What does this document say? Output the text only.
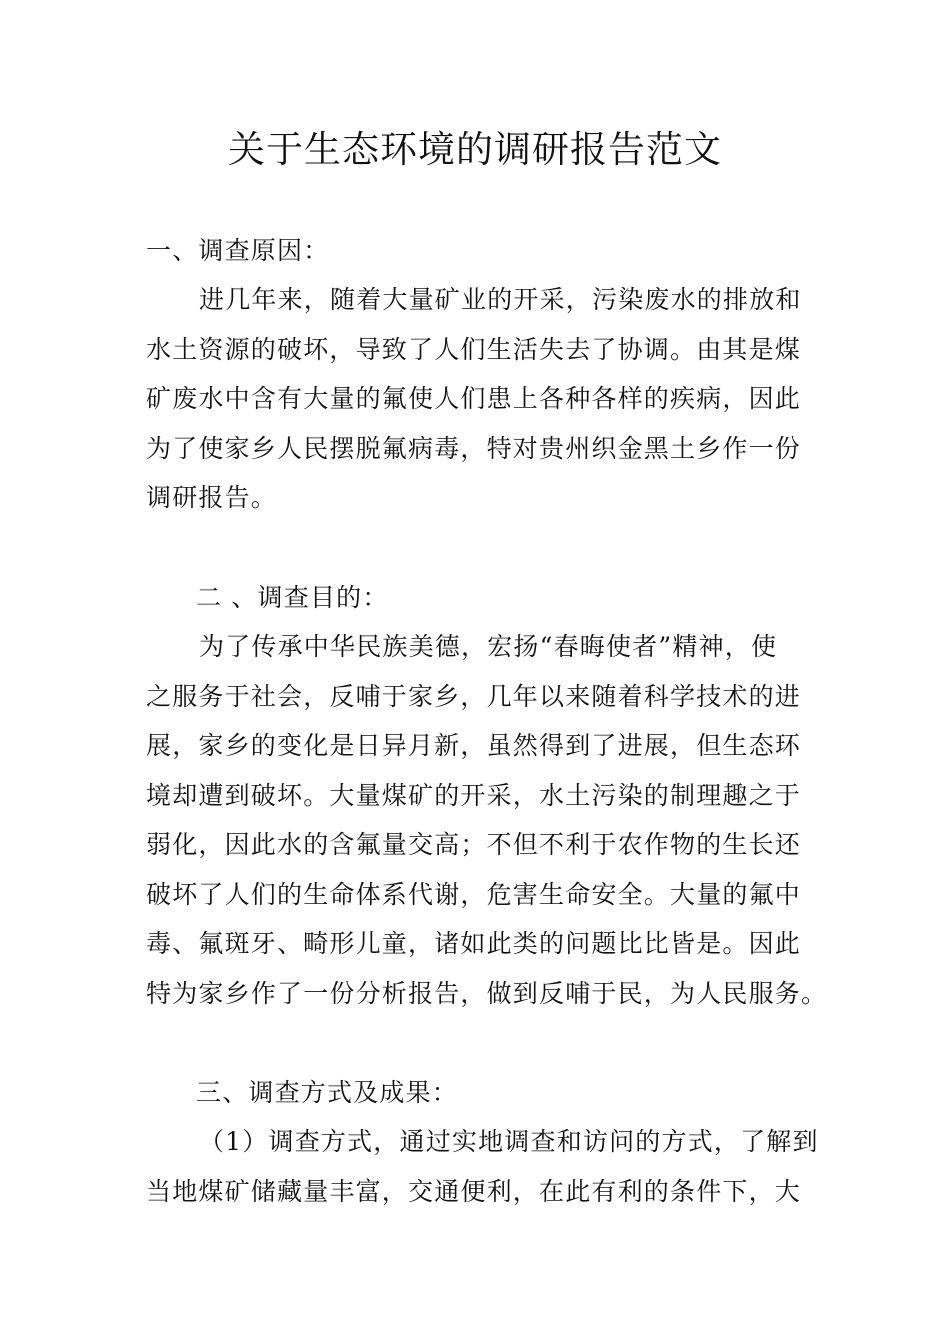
关于生态环境的调研报告范文
一、调查原因：
进几年来，随着大量矿业的开采，污染废水的排放和
水土资源的破坏，导致了人们生活失去了协调。由其是煤
矿废水中含有大量的氟使人们患上各种各样的疾病，因此
为了使家乡人民摆脱氟病毒，特对贵州织金黑土乡作一份
调研报告。
二 、调查目的：
为了传承中华民族美德，宏扬“春晦使者”精神，使
之服务于社会，反哺于家乡，几年以来随着科学技术的进
展，家乡的变化是日异月新，虽然得到了进展，但生态环
境却遭到破坏。大量煤矿的开采，水土污染的制理趣之于
弱化，因此水的含氟量交高；不但不利于农作物的生长还
破坏了人们的生命体系代谢，危害生命安全。大量的氟中
毒、氟斑牙、畸形儿童，诸如此类的问题比比皆是。因此
特为家乡作了一份分析报告，做到反哺于民，为人民服务。
三、调查方式及成果：
（1）调查方式，通过实地调查和访问的方式，了解到
当地煤矿储藏量丰富，交通便利，在此有利的条件下，大
